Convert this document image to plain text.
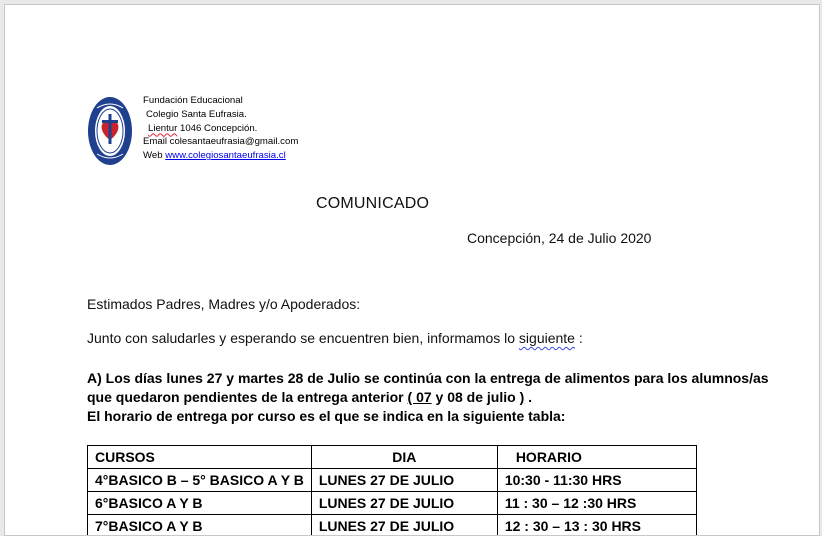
Fundación Educacional
Colegio Santa Eufrasia.
Lientur 1046 Concepción.
Email colesantaeufrasia@gmail.com
Web www.colegiosantaeufrasia.cl
COMUNICADO
Concepción, 24 de Julio 2020
Estimados Padres, Madres y/o Apoderados:
Junto con saludarles y esperando se encuentren bien, informamos lo siguiente :
A) Los días lunes 27 y martes 28 de Julio se continúa con la entrega de alimentos para los alumnos/as
que quedaron pendientes de la entrega anterior ( 07 y 08 de julio ) .
El horario de entrega por curso es el que se indica en la siguiente tabla:
CURSOS	DIA	HORARIO
4°BASICO B – 5° BASICO A Y B	LUNES 27 DE JULIO	10:30 - 11:30 HRS
6°BASICO A Y B	LUNES 27 DE JULIO	11 : 30 – 12 :30 HRS
7°BASICO A Y B	LUNES 27 DE JULIO	12 : 30 – 13 : 30 HRS
